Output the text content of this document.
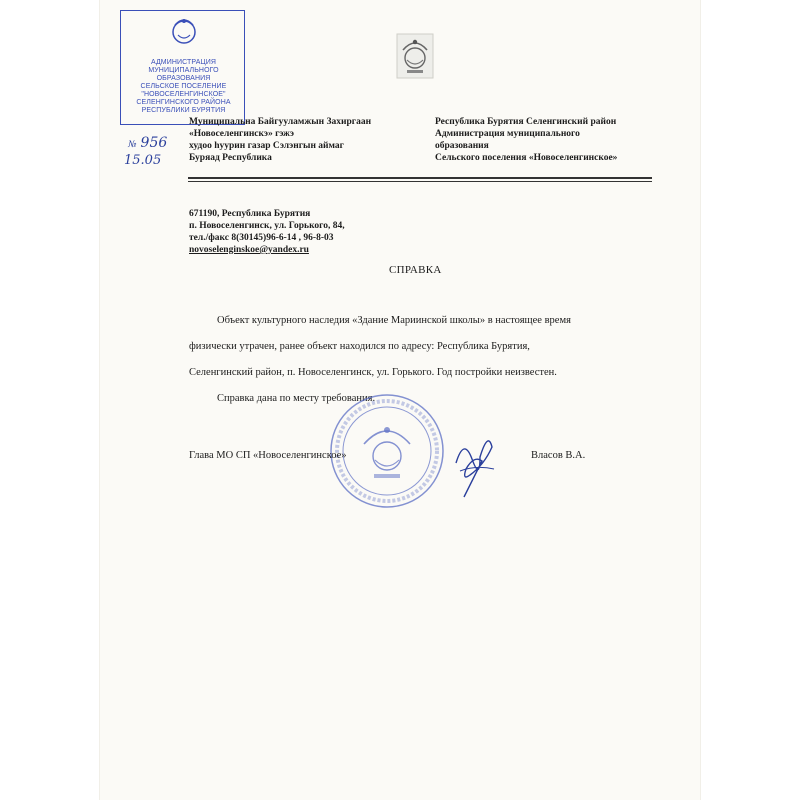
АДМИНИСТРАЦИЯ
МУНИЦИПАЛЬНОГО
ОБРАЗОВАНИЯ
СЕЛЬСКОЕ ПОСЕЛЕНИЕ
"НОВОСЕЛЕНГИНСКОЕ"
СЕЛЕНГИНСКОГО РАЙОНА
РЕСПУБЛИКИ БУРЯТИЯ
№ 956
15.05
Муниципальна Байгууламжын Захиргаан
«Новоселенгинскэ» гэжэ
худоо hуурин газар Сэлэнгын аймаг
Буряад Республика
Республика Бурятия Селенгинский район
Администрация муниципального
образования
Сельского поселения «Новоселенгинское»
671190, Республика Бурятия
п. Новоселенгинск, ул. Горького, 84,
тел./факс 8(30145)96-6-14 , 96-8-03
novoselenginskoe@yandex.ru
СПРАВКА
Объект культурного наследия «Здание Мариинской школы» в настоящее время
физически утрачен, ранее объект находился по адресу: Республика Бурятия,
Селенгинский район, п. Новоселенгинск, ул. Горького. Год постройки неизвестен.
Справка дана по месту требования.
Глава МО СП «Новоселенгинское»	Власов В.А.
